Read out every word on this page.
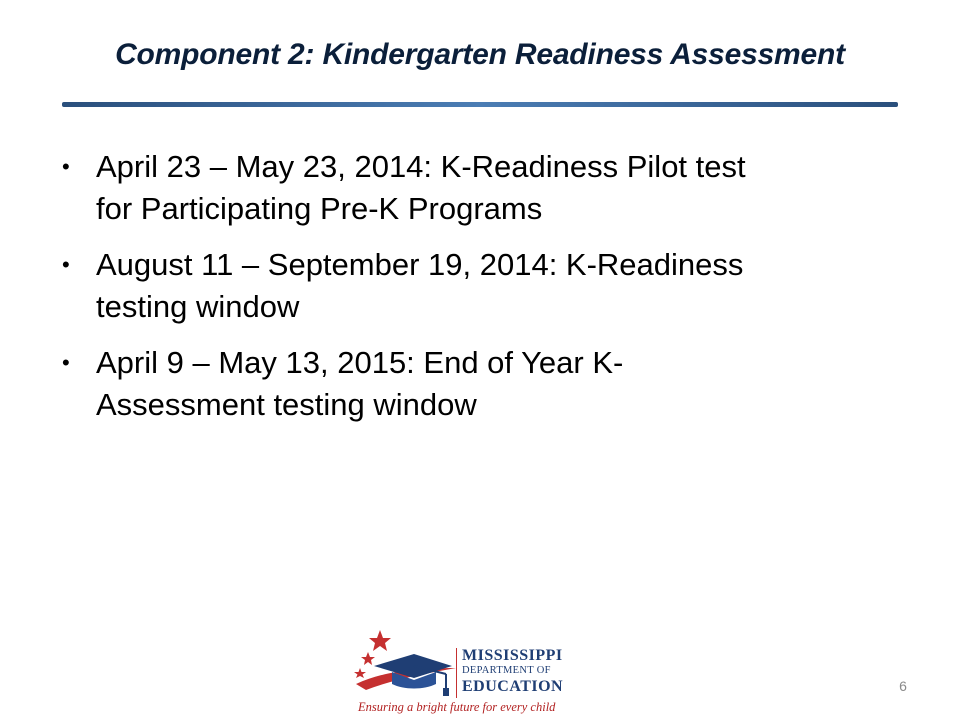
Component 2: Kindergarten Readiness Assessment
• April 23 – May 23, 2014: K-Readiness Pilot test
for Participating Pre-K Programs
• August 11 – September 19, 2014: K-Readiness
testing window
• April 9 – May 13, 2015: End of Year K-
Assessment testing window
MISSISSIPPI
DEPARTMENT OF
EDUCATION
Ensuring a bright future for every child
6
